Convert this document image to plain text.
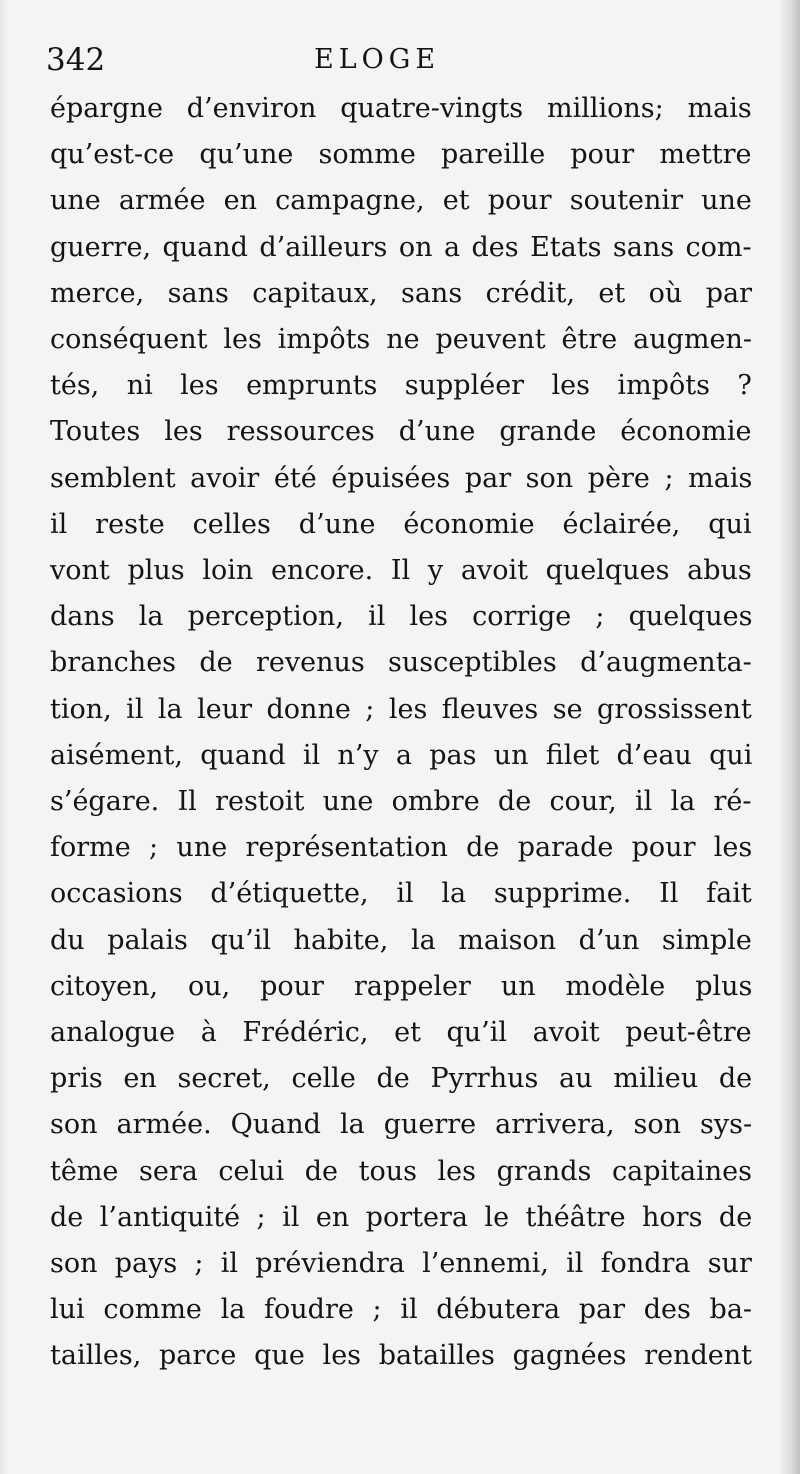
342	ELOGE
épargne d’environ quatre-vingts millions; mais
qu’est-ce qu’une somme pareille pour mettre
une armée en campagne, et pour soutenir une
guerre, quand d’ailleurs on a des Etats sans com-
merce, sans capitaux, sans crédit, et où par
conséquent les impôts ne peuvent être augmen-
tés, ni les emprunts suppléer les impôts ?
Toutes les ressources d’une grande économie
semblent avoir été épuisées par son père ; mais
il reste celles d’une économie éclairée, qui
vont plus loin encore. Il y avoit quelques abus
dans la perception, il les corrige ; quelques
branches de revenus susceptibles d’augmenta-
tion, il la leur donne ; les fleuves se grossissent
aisément, quand il n’y a pas un filet d’eau qui
s’égare. Il restoit une ombre de cour, il la ré-
forme ; une représentation de parade pour les
occasions d’étiquette, il la supprime. Il fait
du palais qu’il habite, la maison d’un simple
citoyen, ou, pour rappeler un modèle plus
analogue à Frédéric, et qu’il avoit peut-être
pris en secret, celle de Pyrrhus au milieu de
son armée. Quand la guerre arrivera, son sys-
tême sera celui de tous les grands capitaines
de l’antiquité ; il en portera le théâtre hors de
son pays ; il préviendra l’ennemi, il fondra sur
lui comme la foudre ; il débutera par des ba-
tailles, parce que les batailles gagnées rendent
